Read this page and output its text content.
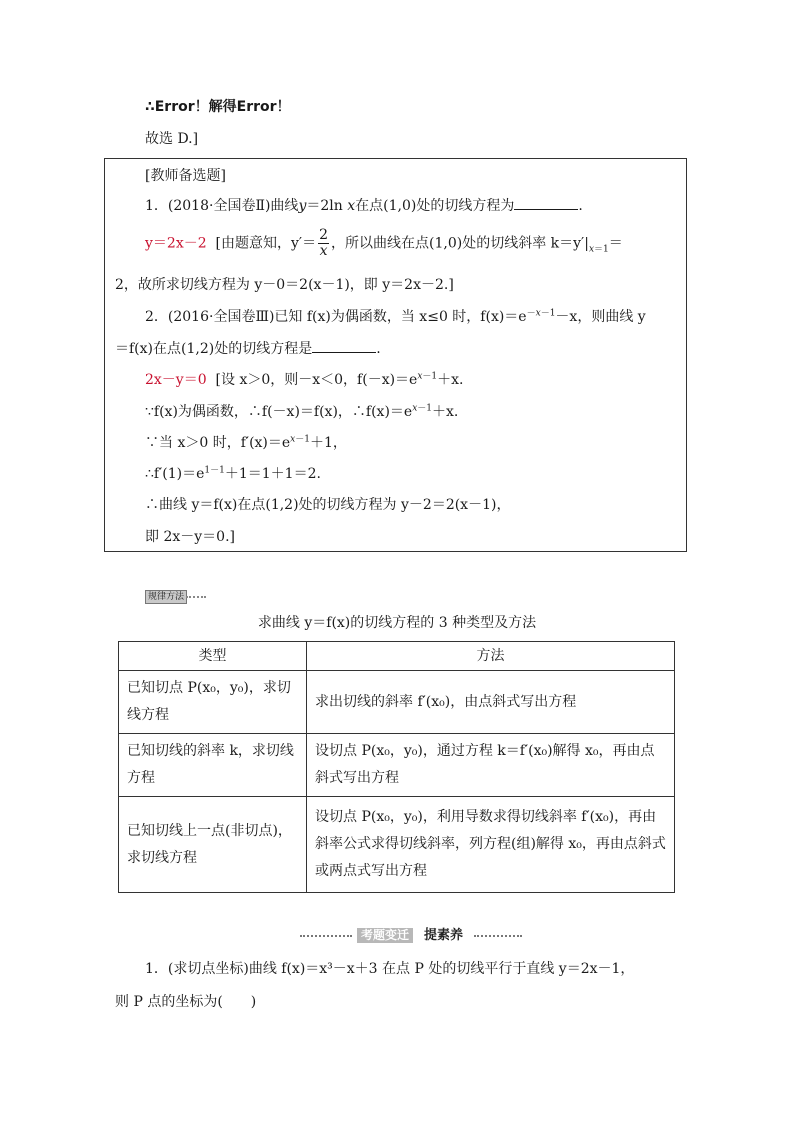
∴Error！解得Error！
故选 D.]
[教师备选题]
1．(2018·全国卷Ⅱ)曲线y＝2ln x在点(1,0)处的切线方程为	.
y＝2x－2 [由题意知，$y'= \frac{2}{x}$ ，所以曲线在点(1,0)处的切线斜率 $k=y'|_{x=1}=$
2，故所求切线方程为 y－0＝2(x－1)，即 y＝2x－2.]
2．(2016·全国卷Ⅲ)已知 f(x)为偶函数，当 x≤0 时，$f(x)=e^{-x-1}-x$，则曲线 y
＝f(x)在点(1,2)处的切线方程是	.
2x－y＝0 [设 x＞0，则－x＜0，$f(-x)=e^{x-1}+x$.
∵f(x)为偶函数，∴f(－x)＝f(x)，$\therefore f(x)=e^{x-1}+x$.
∵当 x＞0 时，$f'(x)=e^{x-1}+1$，
$\therefore f'(1)=e^{1-1}+1=1+1=2$.
∴曲线 y＝f(x)在点(1,2)处的切线方程为 y－2＝2(x－1)，
即 2x－y＝0.]
规律方法
求曲线 y＝f(x)的切线方程的 3 种类型及方法
类型	方法
已知切点 P(x₀，y₀)，求切线方程	求出切线的斜率 f′(x₀)，由点斜式写出方程
已知切线的斜率 k，求切线方程	设切点 P(x₀，y₀)，通过方程 k＝f′(x₀)解得 x₀，再由点斜式写出方程
已知切线上一点(非切点)，求切线方程	设切点 P(x₀，y₀)，利用导数求得切线斜率 f′(x₀)，再由斜率公式求得切线斜率，列方程(组)解得 x₀，再由点斜式或两点式写出方程
考题变迁	提素养
1．(求切点坐标)曲线 f(x)＝x³－x＋3 在点 P 处的切线平行于直线 y＝2x－1，
则 P 点的坐标为(　　)
